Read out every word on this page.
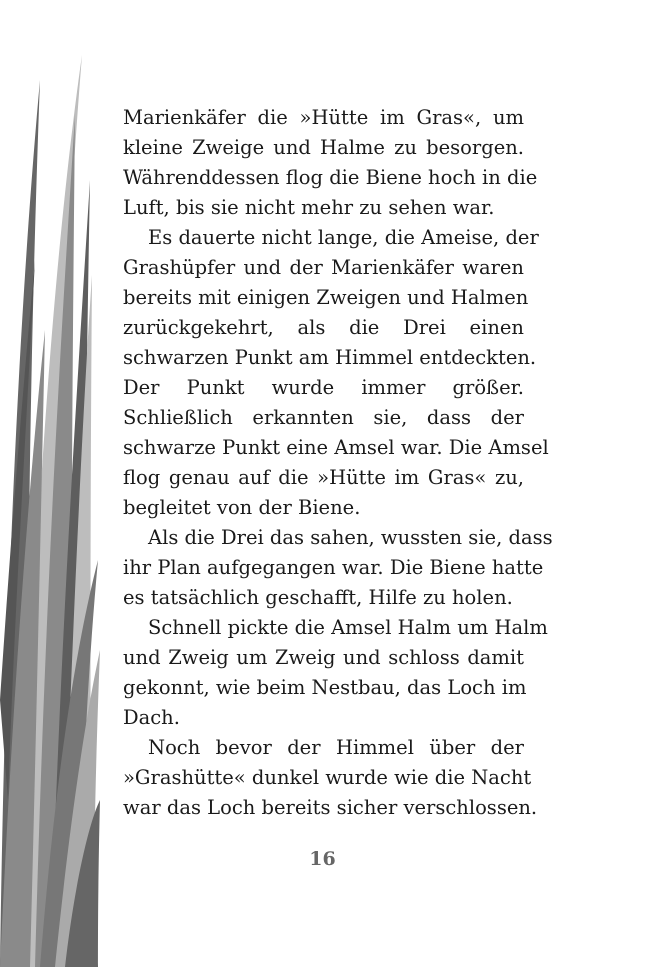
Marienkäfer die »Hütte im Gras«, um
kleine Zweige und Halme zu besorgen.
Währenddessen flog die Biene hoch in die
Luft, bis sie nicht mehr zu sehen war.
Es dauerte nicht lange, die Ameise, der
Grashüpfer und der Marienkäfer waren
bereits mit einigen Zweigen und Halmen
zurückgekehrt, als die Drei einen
schwarzen Punkt am Himmel entdeckten.
Der Punkt wurde immer größer.
Schließlich erkannten sie, dass der
schwarze Punkt eine Amsel war. Die Amsel
flog genau auf die »Hütte im Gras« zu,
begleitet von der Biene.
Als die Drei das sahen, wussten sie, dass
ihr Plan aufgegangen war. Die Biene hatte
es tatsächlich geschafft, Hilfe zu holen.
Schnell pickte die Amsel Halm um Halm
und Zweig um Zweig und schloss damit
gekonnt, wie beim Nestbau, das Loch im
Dach.
Noch bevor der Himmel über der
»Grashütte« dunkel wurde wie die Nacht
war das Loch bereits sicher verschlossen.
16
